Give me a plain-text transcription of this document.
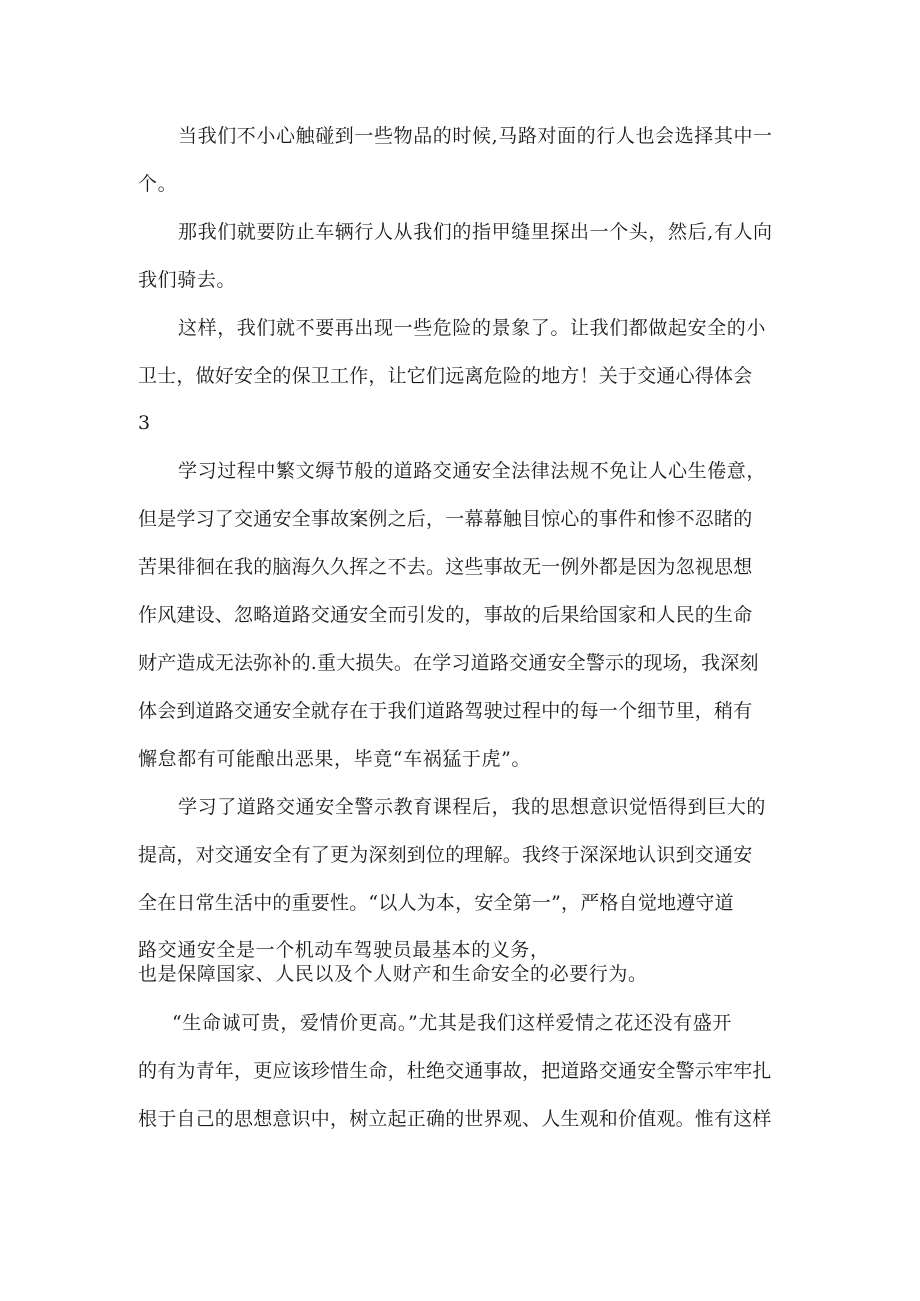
当我们不小心触碰到一些物品的时候,马路对面的行人也会选择其中一
个。
那我们就要防止车辆行人从我们的指甲缝里探出一个头，然后,有人向
我们骑去。
这样，我们就不要再出现一些危险的景象了。让我们都做起安全的小
卫士，做好安全的保卫工作，让它们远离危险的地方！关于交通心得体会
3
学习过程中繁文缛节般的道路交通安全法律法规不免让人心生倦意，
但是学习了交通安全事故案例之后，一幕幕触目惊心的事件和惨不忍睹的
苦果徘徊在我的脑海久久挥之不去。这些事故无一例外都是因为忽视思想
作风建设、忽略道路交通安全而引发的，事故的后果给国家和人民的生命
财产造成无法弥补的.重大损失。在学习道路交通安全警示的现场，我深刻
体会到道路交通安全就存在于我们道路驾驶过程中的每一个细节里，稍有
懈怠都有可能酿出恶果，毕竟“车祸猛于虎”。
学习了道路交通安全警示教育课程后，我的思想意识觉悟得到巨大的
提高，对交通安全有了更为深刻到位的理解。我终于深深地认识到交通安
全在日常生活中的重要性。“以人为本，安全第一”，严格自觉地遵守道
路交通安全是一个机动车驾驶员最基本的义务，
也是保障国家、人民以及个人财产和生命安全的必要行为。
“生命诚可贵，爱情价更高。”尤其是我们这样爱情之花还没有盛开
的有为青年，更应该珍惜生命，杜绝交通事故，把道路交通安全警示牢牢扎
根于自己的思想意识中，树立起正确的世界观、人生观和价值观。惟有这样
